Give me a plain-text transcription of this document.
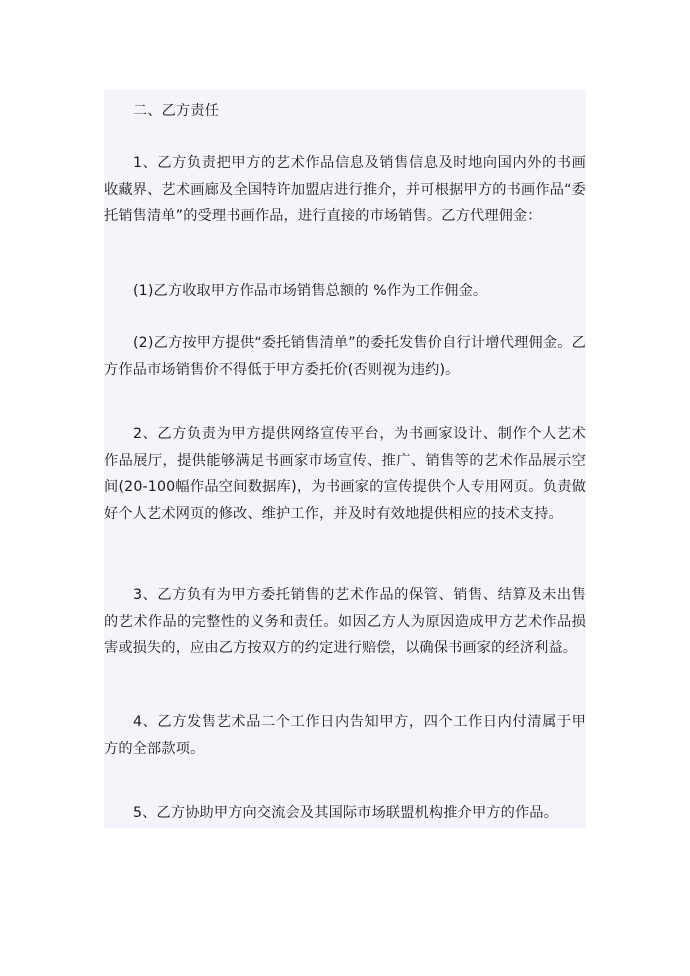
二、乙方责任

1、乙方负责把甲方的艺术作品信息及销售信息及时地向国内外的书画收藏界、艺术画廊及全国特许加盟店进行推介，并可根据甲方的书画作品“委托销售清单”的受理书画作品，进行直接的市场销售。乙方代理佣金：

(1)乙方收取甲方作品市场销售总额的 %作为工作佣金。

(2)乙方按甲方提供“委托销售清单”的委托发售价自行计增代理佣金。乙方作品市场销售价不得低于甲方委托价(否则视为违约)。

2、乙方负责为甲方提供网络宣传平台，为书画家设计、制作个人艺术作品展厅，提供能够满足书画家市场宣传、推广、销售等的艺术作品展示空间(20-100幅作品空间数据库)，为书画家的宣传提供个人专用网页。负责做好个人艺术网页的修改、维护工作，并及时有效地提供相应的技术支持。

3、乙方负有为甲方委托销售的艺术作品的保管、销售、结算及未出售的艺术作品的完整性的义务和责任。如因乙方人为原因造成甲方艺术作品损害或损失的，应由乙方按双方的约定进行赔偿，以确保书画家的经济利益。

4、乙方发售艺术品二个工作日内告知甲方，四个工作日内付清属于甲方的全部款项。

5、乙方协助甲方向交流会及其国际市场联盟机构推介甲方的作品。
